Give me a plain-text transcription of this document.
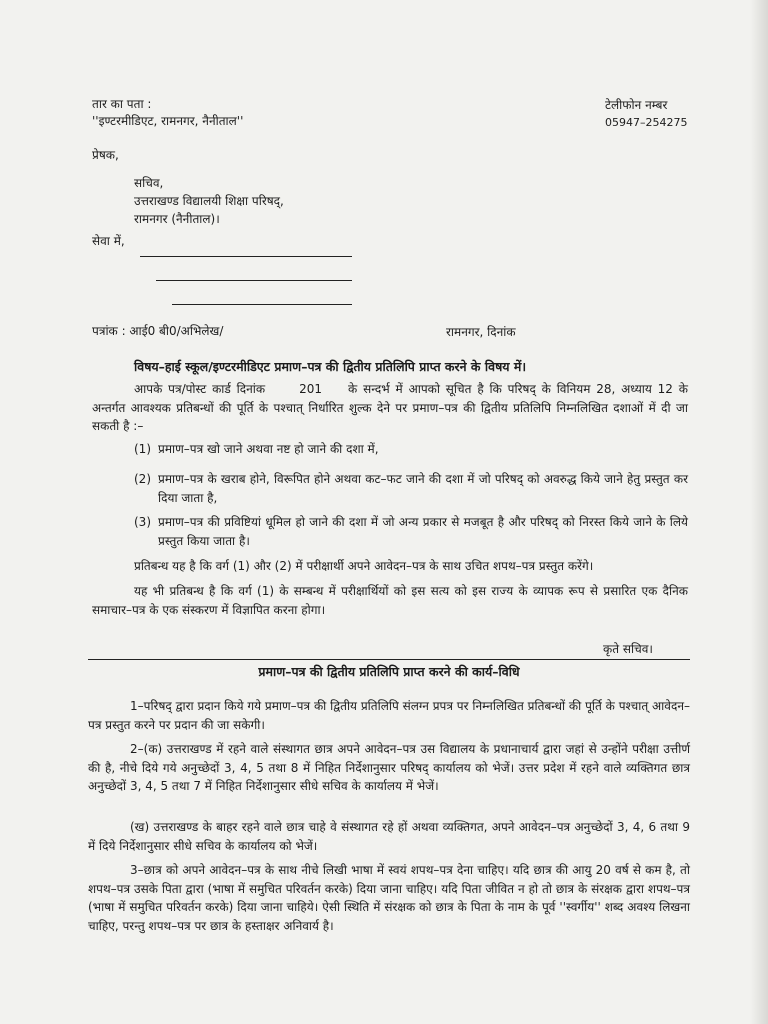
तार का पता :
''इण्टरमीडिएट, रामनगर, नैनीताल''
टेलीफोन नम्बर
05947–254275
प्रेषक,
सचिव,
उत्तराखण्ड विद्यालयी शिक्षा परिषद्,
रामनगर (नैनीताल)।
सेवा में,
पत्रांक : आई0 बी0/अभिलेख/	रामनगर, दिनांक
विषय–हाई स्कूल/इण्टरमीडिएट प्रमाण–पत्र की द्वितीय प्रतिलिपि प्राप्त करने के विषय में।
आपके पत्र/पोस्ट कार्ड दिनांक	201 के सन्दर्भ में आपको सूचित है कि परिषद् के विनियम 28, अध्याय 12 के अन्तर्गत आवश्यक प्रतिबन्धों की पूर्ति के पश्चात् निर्धारित शुल्क देने पर प्रमाण–पत्र की द्वितीय प्रतिलिपि निम्नलिखित दशाओं में दी जा सकती है :–
(1) प्रमाण–पत्र खो जाने अथवा नष्ट हो जाने की दशा में,
(2) प्रमाण–पत्र के खराब होने, विरूपित होने अथवा कट–फट जाने की दशा में जो परिषद् को अवरुद्ध किये जाने हेतु प्रस्तुत कर दिया जाता है,
(3) प्रमाण–पत्र की प्रविष्टियां धूमिल हो जाने की दशा में जो अन्य प्रकार से मजबूत है और परिषद् को निरस्त किये जाने के लिये प्रस्तुत किया जाता है।
प्रतिबन्ध यह है कि वर्ग (1) और (2) में परीक्षार्थी अपने आवेदन–पत्र के साथ उचित शपथ–पत्र प्रस्तुत करेंगे।
यह भी प्रतिबन्ध है कि वर्ग (1) के सम्बन्ध में परीक्षार्थियों को इस सत्य को इस राज्य के व्यापक रूप से प्रसारित एक दैनिक समाचार–पत्र के एक संस्करण में विज्ञापित करना होगा।
कृते सचिव।
प्रमाण–पत्र की द्वितीय प्रतिलिपि प्राप्त करने की कार्य–विधि
1–परिषद् द्वारा प्रदान किये गये प्रमाण–पत्र की द्वितीय प्रतिलिपि संलग्न प्रपत्र पर निम्नलिखित प्रतिबन्धों की पूर्ति के पश्चात् आवेदन–पत्र प्रस्तुत करने पर प्रदान की जा सकेगी।
2–(क) उत्तराखण्ड में रहने वाले संस्थागत छात्र अपने आवेदन–पत्र उस विद्यालय के प्रधानाचार्य द्वारा जहां से उन्होंने परीक्षा उत्तीर्ण की है, नीचे दिये गये अनुच्छेदों 3, 4, 5 तथा 8 में निहित निर्देशानुसार परिषद् कार्यालय को भेजें। उत्तर प्रदेश में रहने वाले व्यक्तिगत छात्र अनुच्छेदों 3, 4, 5 तथा 7 में निहित निर्देशानुसार सीधे सचिव के कार्यालय में भेजें।
(ख) उत्तराखण्ड के बाहर रहने वाले छात्र चाहे वे संस्थागत रहे हों अथवा व्यक्तिगत, अपने आवेदन–पत्र अनुच्छेदों 3, 4, 6 तथा 9 में दिये निर्देशानुसार सीधे सचिव के कार्यालय को भेजें।
3–छात्र को अपने आवेदन–पत्र के साथ नीचे लिखी भाषा में स्वयं शपथ–पत्र देना चाहिए। यदि छात्र की आयु 20 वर्ष से कम है, तो शपथ–पत्र उसके पिता द्वारा (भाषा में समुचित परिवर्तन करके) दिया जाना चाहिए। यदि पिता जीवित न हो तो छात्र के संरक्षक द्वारा शपथ–पत्र (भाषा में समुचित परिवर्तन करके) दिया जाना चाहिये। ऐसी स्थिति में संरक्षक को छात्र के पिता के नाम के पूर्व ''स्वर्गीय'' शब्द अवश्य लिखना चाहिए, परन्तु शपथ–पत्र पर छात्र के हस्ताक्षर अनिवार्य है।
